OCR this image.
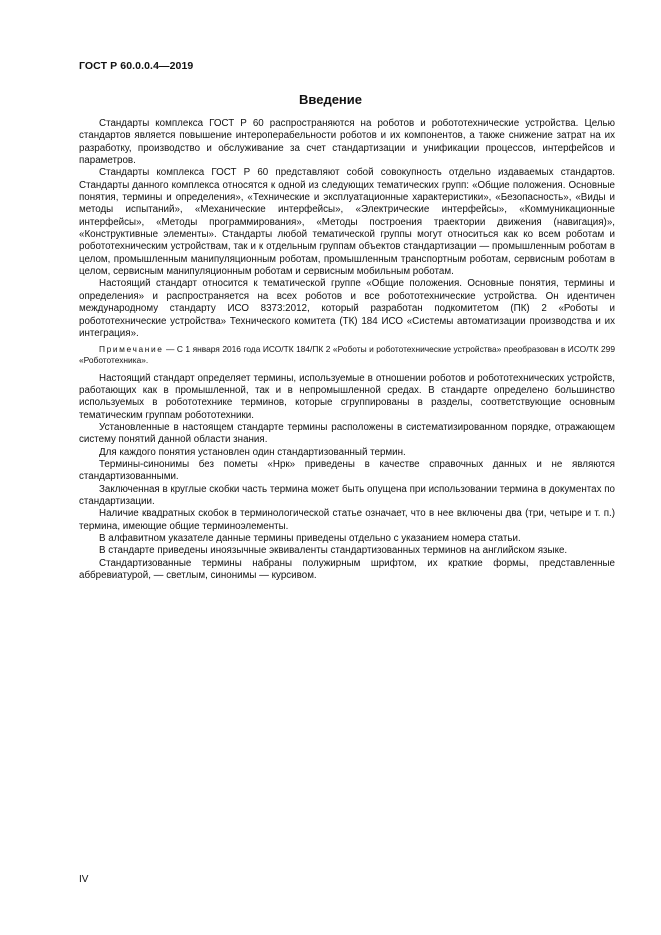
ГОСТ Р 60.0.0.4—2019
Введение

Стандарты комплекса ГОСТ Р 60 распространяются на роботов и робототехнические устройства. Целью стандартов является повышение интероперабельности роботов и их компонентов, а также снижение затрат на их разработку, производство и обслуживание за счет стандартизации и унификации процессов, интерфейсов и параметров.

Стандарты комплекса ГОСТ Р 60 представляют собой совокупность отдельно издаваемых стандартов. Стандарты данного комплекса относятся к одной из следующих тематических групп: «Общие положения. Основные понятия, термины и определения», «Технические и эксплуатационные характеристики», «Безопасность», «Виды и методы испытаний», «Механические интерфейсы», «Электрические интерфейсы», «Коммуникационные интерфейсы», «Методы программирования», «Методы построения траектории движения (навигация)», «Конструктивные элементы». Стандарты любой тематической группы могут относиться как ко всем роботам и робототехническим устройствам, так и к отдельным группам объектов стандартизации — промышленным роботам в целом, промышленным манипуляционным роботам, промышленным транспортным роботам, сервисным роботам в целом, сервисным манипуляционным роботам и сервисным мобильным роботам.

Настоящий стандарт относится к тематической группе «Общие положения. Основные понятия, термины и определения» и распространяется на всех роботов и все робототехнические устройства. Он идентичен международному стандарту ИСО 8373:2012, который разработан подкомитетом (ПК) 2 «Роботы и робототехнические устройства» Технического комитета (ТК) 184 ИСО «Системы автоматизации производства и их интеграция».

Примечание — С 1 января 2016 года ИСО/ТК 184/ПК 2 «Роботы и робототехнические устройства» преобразован в ИСО/ТК 299 «Робототехника».

Настоящий стандарт определяет термины, используемые в отношении роботов и робототехнических устройств, работающих как в промышленной, так и в непромышленной средах. В стандарте определено большинство используемых в робототехнике терминов, которые сгруппированы в разделы, соответствующие основным тематическим группам робототехники.

Установленные в настоящем стандарте термины расположены в систематизированном порядке, отражающем систему понятий данной области знания.

Для каждого понятия установлен один стандартизованный термин.

Термины-синонимы без пометы «Нрк» приведены в качестве справочных данных и не являются стандартизованными.

Заключенная в круглые скобки часть термина может быть опущена при использовании термина в документах по стандартизации.

Наличие квадратных скобок в терминологической статье означает, что в нее включены два (три, четыре и т. п.) термина, имеющие общие терминоэлементы.

В алфавитном указателе данные термины приведены отдельно с указанием номера статьи.

В стандарте приведены иноязычные эквиваленты стандартизованных терминов на английском языке.

Стандартизованные термины набраны полужирным шрифтом, их краткие формы, представленные аббревиатурой, — светлым, синонимы — курсивом.

IV
